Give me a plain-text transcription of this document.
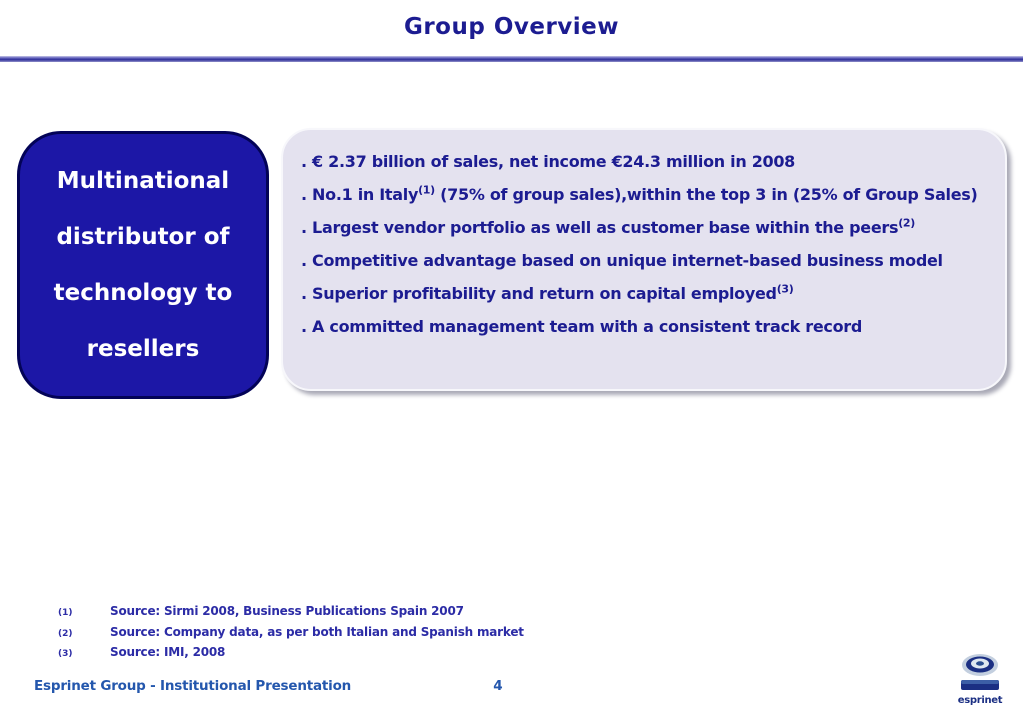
Group Overview
. € 2.37 billion of sales, net income €24.3 million in 2008
. No.1 in Italy$^{(1)}$ (75% of group sales),within the top 3 in (25% of Group Sales)
. Largest vendor portfolio as well as customer base within the peers$^{(2)}$
. Competitive advantage based on unique internet-based business model
. Superior profitability and return on capital employed$^{(3)}$
. A committed management team with a consistent track record
Multinational
distributor of
technology to
resellers
(1)	Source: Sirmi 2008, Business Publications Spain 2007
(2)	Source: Company data, as per both Italian and Spanish market
(3)	Source: IMI, 2008
Esprinet Group - Institutional Presentation	4
esprinet
